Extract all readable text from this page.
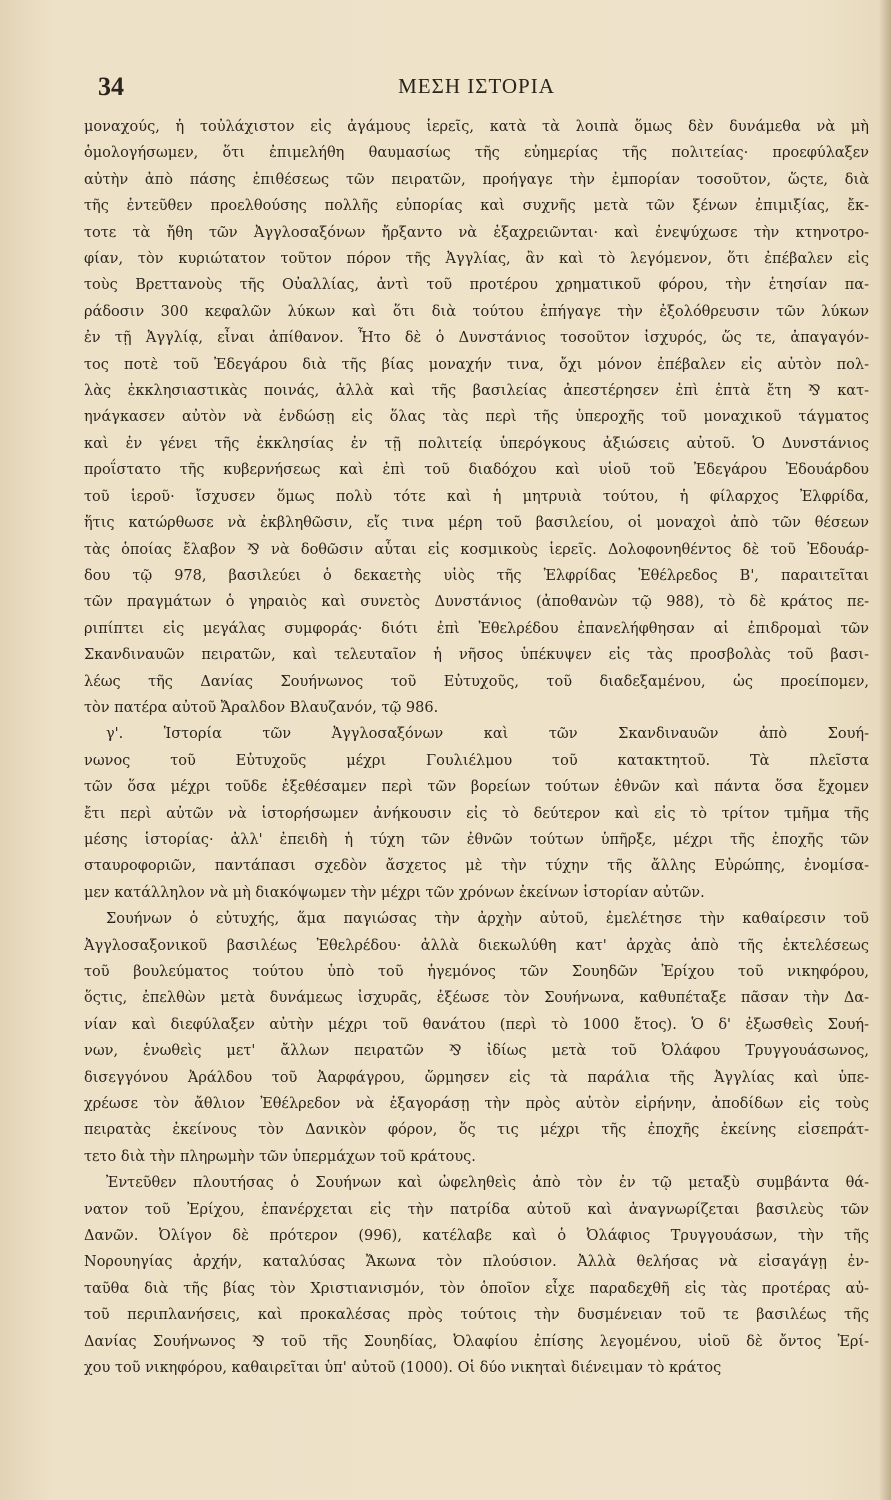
34	ΜΕΣΗ ΙΣΤΟΡΙΑ
μοναχούς, ἡ τοὐλάχιστον εἰς ἀγάμους ἱερεῖς, κατὰ τὰ λοιπὰ ὅμως δὲν δυνάμεθα νὰ μὴ
ὁμολογήσωμεν, ὅτι ἐπιμελήθη θαυμασίως τῆς εὐημερίας τῆς πολιτείας· προεφύλαξεν
αὐτὴν ἀπὸ πάσης ἐπιθέσεως τῶν πειρατῶν, προήγαγε τὴν ἐμπορίαν τοσοῦτον, ὥςτε, διὰ
τῆς ἐντεῦθεν προελθούσης πολλῆς εὐπορίας καὶ συχνῆς μετὰ τῶν ξένων ἐπιμιξίας, ἔκ-
τοτε τὰ ἤθη τῶν Ἀγγλοσαξόνων ἤρξαντο νὰ ἐξαχρειῶνται· καὶ ἐνεψύχωσε τὴν κτηνοτρο-
φίαν, τὸν κυριώτατον τοῦτον πόρον τῆς Ἀγγλίας, ἂν καὶ τὸ λεγόμενον, ὅτι ἐπέβαλεν εἰς
τοὺς Βρεττανοὺς τῆς Οὐαλλίας, ἀντὶ τοῦ προτέρου χρηματικοῦ φόρου, τὴν ἐτησίαν πα-
ράδοσιν 300 κεφαλῶν λύκων καὶ ὅτι διὰ τούτου ἐπήγαγε τὴν ἐξολόθρευσιν τῶν λύκων
ἐν τῇ Ἀγγλίᾳ, εἶναι ἀπίθανον. Ἦτο δὲ ὁ Δυνστάνιος τοσοῦτον ἰσχυρός, ὥς τε, ἀπαγαγόν-
τος ποτὲ τοῦ Ἐδεγάρου διὰ τῆς βίας μοναχήν τινα, ὄχι μόνον ἐπέβαλεν εἰς αὐτὸν πολ-
λὰς ἐκκλησιαστικὰς ποινάς, ἀλλὰ καὶ τῆς βασιλείας ἀπεστέρησεν ἐπὶ ἑπτὰ ἔτη ⅋ κατ-
ηνάγκασεν αὐτὸν νὰ ἐνδώσῃ εἰς ὅλας τὰς περὶ τῆς ὑπεροχῆς τοῦ μοναχικοῦ τάγματος
καὶ ἐν γένει τῆς ἐκκλησίας ἐν τῇ πολιτείᾳ ὑπερόγκους ἀξιώσεις αὐτοῦ. Ὁ Δυνστάνιος
προΐστατο τῆς κυβερνήσεως καὶ ἐπὶ τοῦ διαδόχου καὶ υἱοῦ τοῦ Ἐδεγάρου Ἐδουάρδου
τοῦ ἱεροῦ· ἴσχυσεν ὅμως πολὺ τότε καὶ ἡ μητρυιὰ τούτου, ἡ φίλαρχος Ἐλφρίδα,
ἥτις κατώρθωσε νὰ ἐκβληθῶσιν, εἴς τινα μέρη τοῦ βασιλείου, οἱ μοναχοὶ ἀπὸ τῶν θέσεων
τὰς ὁποίας ἔλαβον ⅋ νὰ δοθῶσιν αὗται εἰς κοσμικοὺς ἱερεῖς. Δολοφονηθέντος δὲ τοῦ Ἐδουάρ-
δου τῷ 978, βασιλεύει ὁ δεκαετὴς υἱὸς τῆς Ἐλφρίδας Ἐθέλρεδος Β', παραιτεῖται
τῶν πραγμάτων ὁ γηραιὸς καὶ συνετὸς Δυνστάνιος (ἀποθανὼν τῷ 988), τὸ δὲ κράτος πε-
ριπίπτει εἰς μεγάλας συμφοράς· διότι ἐπὶ Ἐθελρέδου ἐπανελήφθησαν αἱ ἐπιδρομαὶ τῶν
Σκανδιναυῶν πειρατῶν, καὶ τελευταῖον ἡ νῆσος ὑπέκυψεν εἰς τὰς προσβολὰς τοῦ βασι-
λέως τῆς Δανίας Σουήνωνος τοῦ Εὐτυχοῦς, τοῦ διαδεξαμένου, ὡς προείπομεν,
τὸν πατέρα αὐτοῦ Ἄραλδον Βλαυζανόν, τῷ 986.
γ'. Ἱστορία τῶν Ἀγγλοσαξόνων καὶ τῶν Σκανδιναυῶν ἀπὸ Σουή-
νωνος τοῦ Εὐτυχοῦς μέχρι Γουλιέλμου τοῦ κατακτητοῦ. Τὰ πλεῖστα
τῶν ὅσα μέχρι τοῦδε ἐξεθέσαμεν περὶ τῶν βορείων τούτων ἐθνῶν καὶ πάντα ὅσα ἔχομεν
ἔτι περὶ αὐτῶν νὰ ἱστορήσωμεν ἀνήκουσιν εἰς τὸ δεύτερον καὶ εἰς τὸ τρίτον τμῆμα τῆς
μέσης ἱστορίας· ἀλλ' ἐπειδὴ ἡ τύχη τῶν ἐθνῶν τούτων ὑπῆρξε, μέχρι τῆς ἐποχῆς τῶν
σταυροφοριῶν, παντάπασι σχεδὸν ἄσχετος μὲ τὴν τύχην τῆς ἄλλης Εὐρώπης, ἐνομίσα-
μεν κατάλληλον νὰ μὴ διακόψωμεν τὴν μέχρι τῶν χρόνων ἐκείνων ἱστορίαν αὐτῶν.
Σουήνων ὁ εὐτυχής, ἅμα παγιώσας τὴν ἀρχὴν αὐτοῦ, ἐμελέτησε τὴν καθαίρεσιν τοῦ
Ἀγγλοσαξονικοῦ βασιλέως Ἐθελρέδου· ἀλλὰ διεκωλύθη κατ' ἀρχὰς ἀπὸ τῆς ἐκτελέσεως
τοῦ βουλεύματος τούτου ὑπὸ τοῦ ἡγεμόνος τῶν Σουηδῶν Ἐρίχου τοῦ νικηφόρου,
ὅςτις, ἐπελθὼν μετὰ δυνάμεως ἰσχυρᾶς, ἐξέωσε τὸν Σουήνωνα, καθυπέταξε πᾶσαν τὴν Δα-
νίαν καὶ διεφύλαξεν αὐτὴν μέχρι τοῦ θανάτου (περὶ τὸ 1000 ἔτος). Ὁ δ' ἐξωσθεὶς Σουή-
νων, ἑνωθεὶς μετ' ἄλλων πειρατῶν ⅋ ἰδίως μετὰ τοῦ Ὀλάφου Τρυγγουάσωνος,
δισεγγόνου Ἀράλδου τοῦ Ἀαρφάγρου, ὥρμησεν εἰς τὰ παράλια τῆς Ἀγγλίας καὶ ὑπε-
χρέωσε τὸν ἄθλιον Ἐθέλρεδον νὰ ἐξαγοράσῃ τὴν πρὸς αὐτὸν εἰρήνην, ἀποδίδων εἰς τοὺς
πειρατὰς ἐκείνους τὸν Δανικὸν φόρον, ὅς τις μέχρι τῆς ἐποχῆς ἐκείνης εἰσεπράτ-
τετο διὰ τὴν πληρωμὴν τῶν ὑπερμάχων τοῦ κράτους.
Ἐντεῦθεν πλουτήσας ὁ Σουήνων καὶ ὠφεληθεὶς ἀπὸ τὸν ἐν τῷ μεταξὺ συμβάντα θά-
νατον τοῦ Ἐρίχου, ἐπανέρχεται εἰς τὴν πατρίδα αὐτοῦ καὶ ἀναγνωρίζεται βασιλεὺς τῶν
Δανῶν. Ὀλίγον δὲ πρότερον (996), κατέλαβε καὶ ὁ Ὀλάφιος Τρυγγουάσων, τὴν τῆς
Νορουηγίας ἀρχήν, καταλύσας Ἄκωνα τὸν πλούσιον. Ἀλλὰ θελήσας νὰ εἰσαγάγῃ ἐν-
ταῦθα διὰ τῆς βίας τὸν Χριστιανισμόν, τὸν ὁποῖον εἶχε παραδεχθῆ εἰς τὰς προτέρας αὐ-
τοῦ περιπλανήσεις, καὶ προκαλέσας πρὸς τούτοις τὴν δυσμένειαν τοῦ τε βασιλέως τῆς
Δανίας Σουήνωνος ⅋ τοῦ τῆς Σουηδίας, Ὀλαφίου ἐπίσης λεγομένου, υἱοῦ δὲ ὄντος Ἐρί-
χου τοῦ νικηφόρου, καθαιρεῖται ὑπ' αὐτοῦ (1000). Οἱ δύο νικηταὶ διένειμαν τὸ κράτος
